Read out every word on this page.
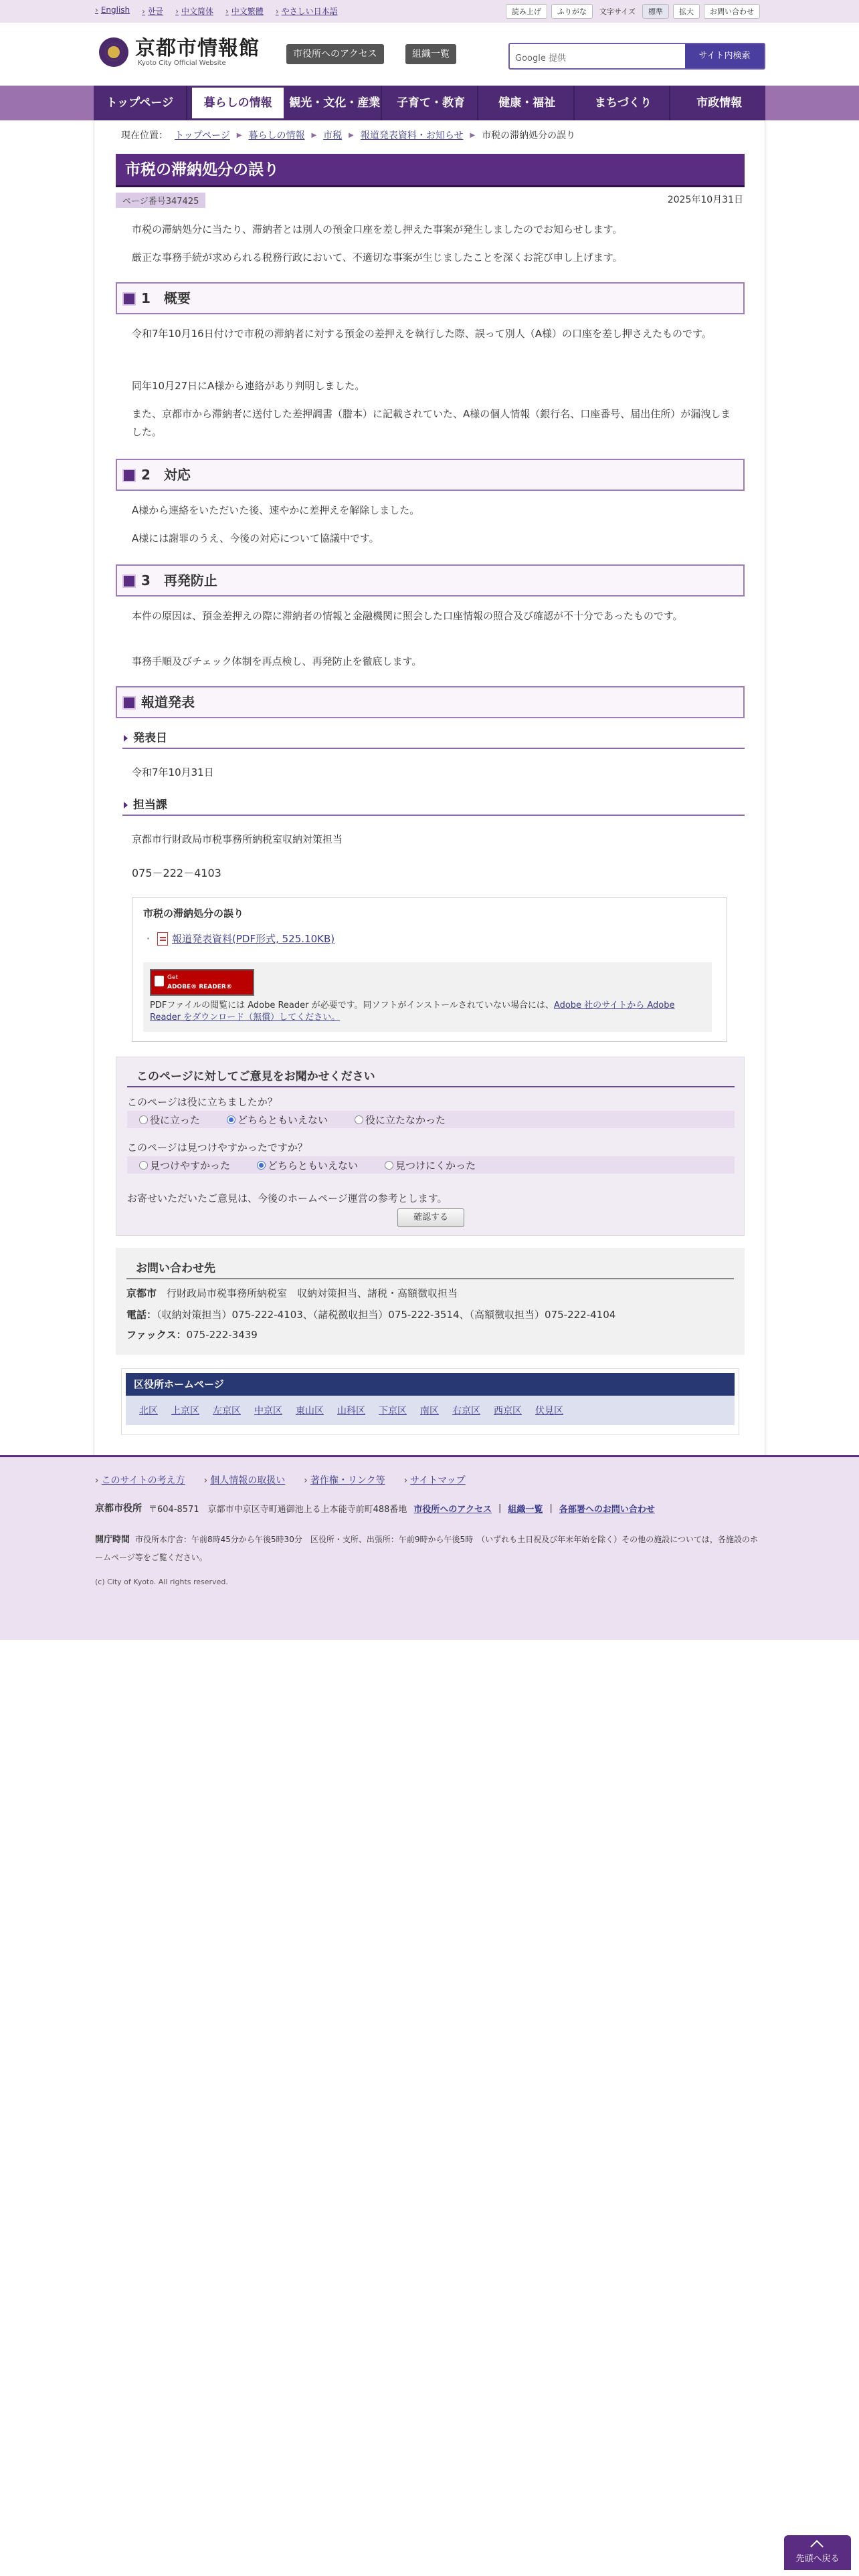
› English	› 한글	› 中文简体	› 中文繁體	› やさしい日本語	読み上げ	ふりがな	文字サイズ	標準	拡大	お問い合わせ
京都市情報館
Kyoto City Official Website
市役所へのアクセス	組織一覧	Google 提供	サイト内検索
トップページ	暮らしの情報	観光・文化・産業	子育て・教育	健康・福祉	まちづくり	市政情報
現在位置： トップページ ▶ 暮らしの情報 ▶ 市税 ▶ 報道発表資料・お知らせ ▶ 市税の滞納処分の誤り
市税の滞納処分の誤り
ページ番号347425	2025年10月31日

市税の滞納処分に当たり、滞納者とは別人の預金口座を差し押えた事案が発生しましたのでお知らせします。

厳正な事務手続が求められる税務行政において、不適切な事案が生じましたことを深くお詫び申し上げます。

1　概要

令和7年10月16日付けで市税の滞納者に対する預金の差押えを執行した際、誤って別人（A様）の口座を差し押さえたものです。

同年10月27日にA様から連絡があり判明しました。

また、京都市から滞納者に送付した差押調書（謄本）に記載されていた、A様の個人情報（銀行名、口座番号、届出住所）が漏洩しました。

2　対応

A様から連絡をいただいた後、速やかに差押えを解除しました。

A様には謝罪のうえ、今後の対応について協議中です。

3　再発防止

本件の原因は、預金差押えの際に滞納者の情報と金融機関に照会した口座情報の照合及び確認が不十分であったものです。

事務手順及びチェック体制を再点検し、再発防止を徹底します。

報道発表
発表日

令和7年10月31日

担当課

京都市行財政局市税事務所納税室収納対策担当

075－222－4103

市税の滞納処分の誤り
・ 報道発表資料(PDF形式, 525.10KB)
Get
ADOBE® READER®
PDFファイルの閲覧には Adobe Reader が必要です。同ソフトがインストールされていない場合には、Adobe 社のサイトから Adobe Reader をダウンロード（無償）してください。
このページに対してご意見をお聞かせください
このページは役に立ちましたか？
役に立った	どちらともいえない	役に立たなかった
このページは見つけやすかったですか？
見つけやすかった	どちらともいえない	見つけにくかった
お寄せいただいたご意見は、今後のホームページ運営の参考とします。
確認する
お問い合わせ先
京都市　行財政局市税事務所納税室　収納対策担当、諸税・高額徴収担当
電話：（収納対策担当）075-222-4103、（諸税徴収担当）075-222-3514、（高額徴収担当）075-222-4104
ファックス：075-222-3439
区役所ホームページ
北区 上京区 左京区 中京区 東山区 山科区 下京区 南区 右京区 西京区 伏見区
› このサイトの考え方	› 個人情報の取扱い	› 著作権・リンク等	› サイトマップ
京都市役所 〒604-8571　京都市中京区寺町通御池上る上本能寺前町488番地 市役所へのアクセス | 組織一覧 | 各部署へのお問い合わせ
開庁時間 市役所本庁舎：午前8時45分から午後5時30分　区役所・支所、出張所：午前9時から午後5時　（いずれも土日祝及び年末年始を除く）その他の施設については，各施設のホームページ等をご覧ください。
(c) City of Kyoto. All rights reserved.
先頭へ戻る
